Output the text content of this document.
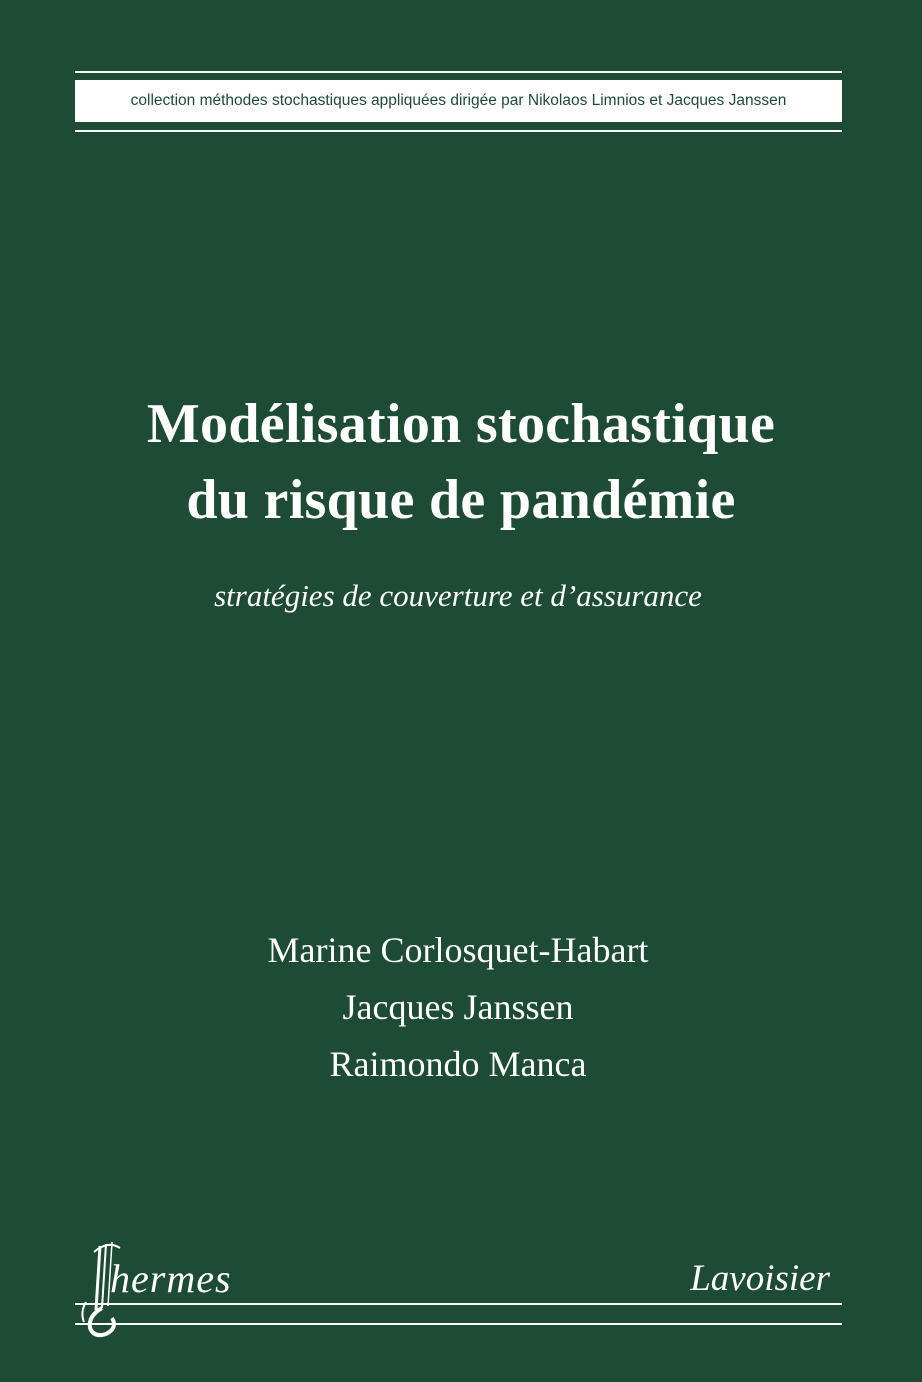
collection méthodes stochastiques appliquées dirigée par Nikolaos Limnios et Jacques Janssen
Modélisation stochastique
du risque de pandémie
stratégies de couverture et d’assurance
Marine Corlosquet-Habart
Jacques Janssen
Raimondo Manca
hermes	Lavoisier
